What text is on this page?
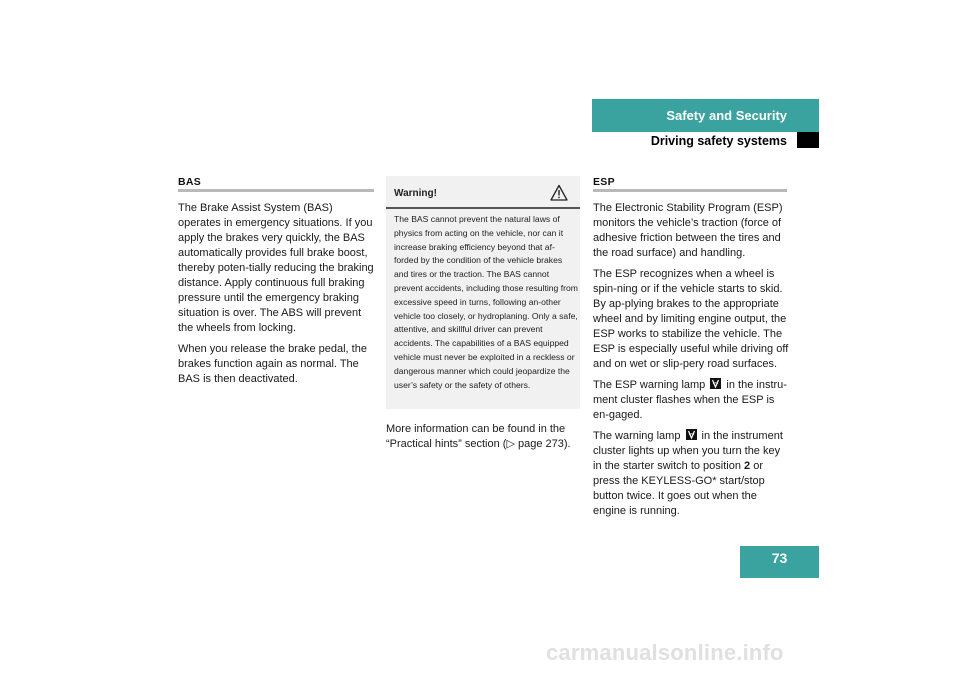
Safety and Security
Driving safety systems
BAS

The Brake Assist System (BAS) operates in emergency situations. If you apply the brakes very quickly, the BAS automatically provides full brake boost, thereby poten-tially reducing the braking distance. Apply continuous full braking pressure until the emergency braking situation is over. The ABS will prevent the wheels from locking.

When you release the brake pedal, the brakes function again as normal. The BAS is then deactivated.

Warning!
The BAS cannot prevent the natural laws of physics from acting on the vehicle, nor can it increase braking efficiency beyond that af-forded by the condition of the vehicle brakes and tires or the traction. The BAS cannot prevent accidents, including those resulting from excessive speed in turns, following an-other vehicle too closely, or hydroplaning. Only a safe, attentive, and skillful driver can prevent accidents. The capabilities of a BAS equipped vehicle must never be exploited in a reckless or dangerous manner which could jeopardize the user’s safety or the safety of others.
More information can be found in the “Practical hints” section (▷ page 273).
ESP

The Electronic Stability Program (ESP) monitors the vehicle’s traction (force of adhesive friction between the tires and the road surface) and handling.

The ESP recognizes when a wheel is spin-ning or if the vehicle starts to skid. By ap-plying brakes to the appropriate wheel and by limiting engine output, the ESP works to stabilize the vehicle. The ESP is especially useful while driving off and on wet or slip-pery road surfaces.

The ESP warning lamp
in the instru-ment cluster flashes when the ESP is en-gaged.

The warning lamp
in the instrument cluster lights up when you turn the key in the starter switch to position 2 or press the KEYLESS-GO* start/stop button twice. It goes out when the engine is running.

73
carmanualsonline.info
